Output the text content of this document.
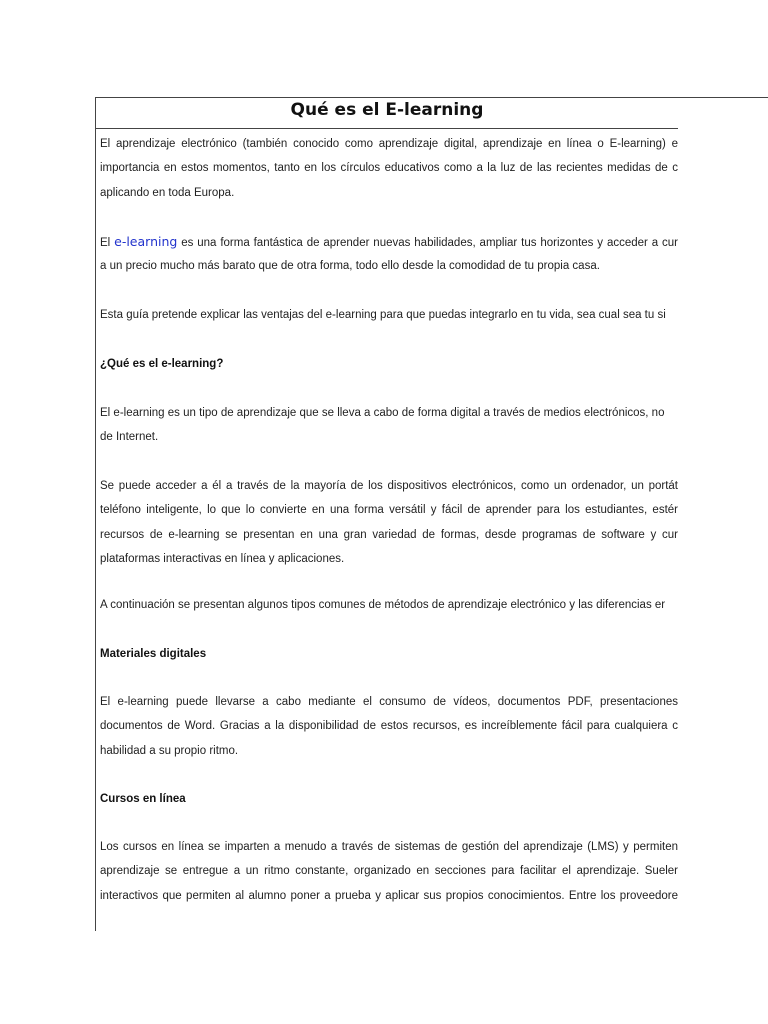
Qué es el E-learning

El aprendizaje electrónico (también conocido como aprendizaje digital, aprendizaje en línea o E-learning) e
importancia en estos momentos, tanto en los círculos educativos como a la luz de las recientes medidas de c
aplicando en toda Europa.

El e-learning es una forma fantástica de aprender nuevas habilidades, ampliar tus horizontes y acceder a cur
a un precio mucho más barato que de otra forma, todo ello desde la comodidad de tu propia casa.

Esta guía pretende explicar las ventajas del e-learning para que puedas integrarlo en tu vida, sea cual sea tu si

¿Qué es el e-learning?

El e-learning es un tipo de aprendizaje que se lleva a cabo de forma digital a través de medios electrónicos, no
de Internet.

Se puede acceder a él a través de la mayoría de los dispositivos electrónicos, como un ordenador, un portát
teléfono inteligente, lo que lo convierte en una forma versátil y fácil de aprender para los estudiantes, estér
recursos de e-learning se presentan en una gran variedad de formas, desde programas de software y cur
plataformas interactivas en línea y aplicaciones.

A continuación se presentan algunos tipos comunes de métodos de aprendizaje electrónico y las diferencias er

Materiales digitales

El e-learning puede llevarse a cabo mediante el consumo de vídeos, documentos PDF, presentaciones
documentos de Word. Gracias a la disponibilidad de estos recursos, es increíblemente fácil para cualquiera c
habilidad a su propio ritmo.

Cursos en línea

Los cursos en línea se imparten a menudo a través de sistemas de gestión del aprendizaje (LMS) y permiten
aprendizaje se entregue a un ritmo constante, organizado en secciones para facilitar el aprendizaje. Sueler
interactivos que permiten al alumno poner a prueba y aplicar sus propios conocimientos. Entre los proveedore
